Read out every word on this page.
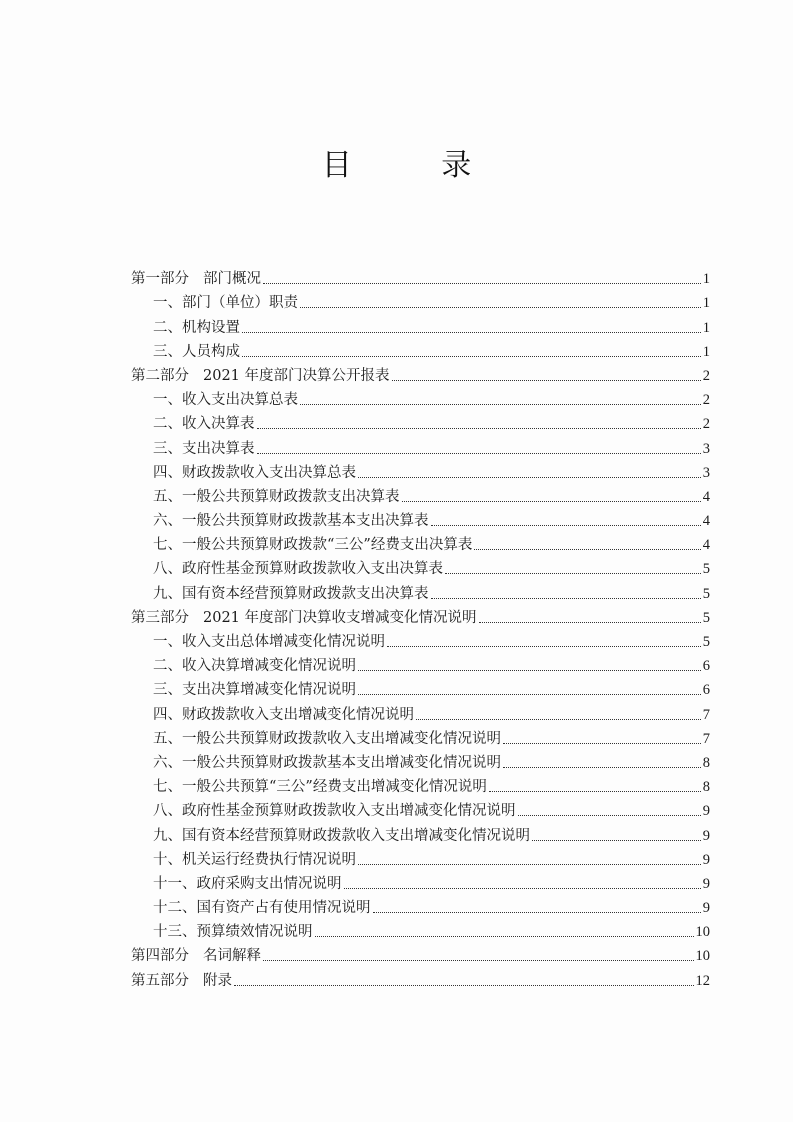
目 录
第一部分 部门概况	1
一、部门（单位）职责	1
二、机构设置	1
三、人员构成	1
第二部分 2021 年度部门决算公开报表	2
一、收入支出决算总表	2
二、收入决算表	2
三、支出决算表	3
四、财政拨款收入支出决算总表	3
五、一般公共预算财政拨款支出决算表	4
六、一般公共预算财政拨款基本支出决算表	4
七、一般公共预算财政拨款“三公”经费支出决算表	4
八、政府性基金预算财政拨款收入支出决算表	5
九、国有资本经营预算财政拨款支出决算表	5
第三部分 2021 年度部门决算收支增减变化情况说明	5
一、收入支出总体增减变化情况说明	5
二、收入决算增减变化情况说明	6
三、支出决算增减变化情况说明	6
四、财政拨款收入支出增减变化情况说明	7
五、一般公共预算财政拨款收入支出增减变化情况说明	7
六、一般公共预算财政拨款基本支出增减变化情况说明	8
七、一般公共预算“三公”经费支出增减变化情况说明	8
八、政府性基金预算财政拨款收入支出增减变化情况说明	9
九、国有资本经营预算财政拨款收入支出增减变化情况说明	9
十、机关运行经费执行情况说明	9
十一、政府采购支出情况说明	9
十二、国有资产占有使用情况说明	9
十三、预算绩效情况说明	10
第四部分 名词解释	10
第五部分 附录	12
